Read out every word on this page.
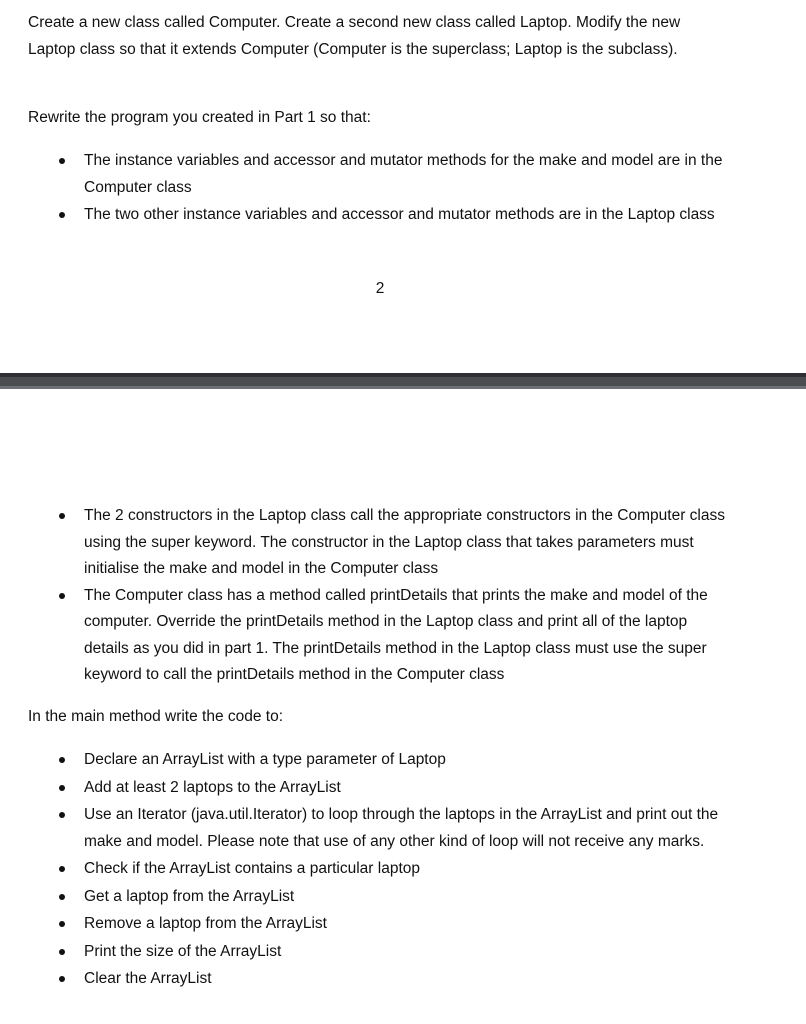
Create a new class called Computer. Create a second new class called Laptop. Modify the new Laptop class so that it extends Computer (Computer is the superclass; Laptop is the subclass).

Rewrite the program you created in Part 1 so that:

The instance variables and accessor and mutator methods for the make and model are in the Computer class
The two other instance variables and accessor and mutator methods are in the Laptop class
2
The 2 constructors in the Laptop class call the appropriate constructors in the Computer class using the super keyword. The constructor in the Laptop class that takes parameters must initialise the make and model in the Computer class
The Computer class has a method called printDetails that prints the make and model of the computer. Override the printDetails method in the Laptop class and print all of the laptop details as you did in part 1. The printDetails method in the Laptop class must use the super keyword to call the printDetails method in the Computer class

In the main method write the code to:

Declare an ArrayList with a type parameter of Laptop
Add at least 2 laptops to the ArrayList
Use an Iterator (java.util.Iterator) to loop through the laptops in the ArrayList and print out the make and model. Please note that use of any other kind of loop will not receive any marks.
Check if the ArrayList contains a particular laptop
Get a laptop from the ArrayList
Remove a laptop from the ArrayList
Print the size of the ArrayList
Clear the ArrayList
